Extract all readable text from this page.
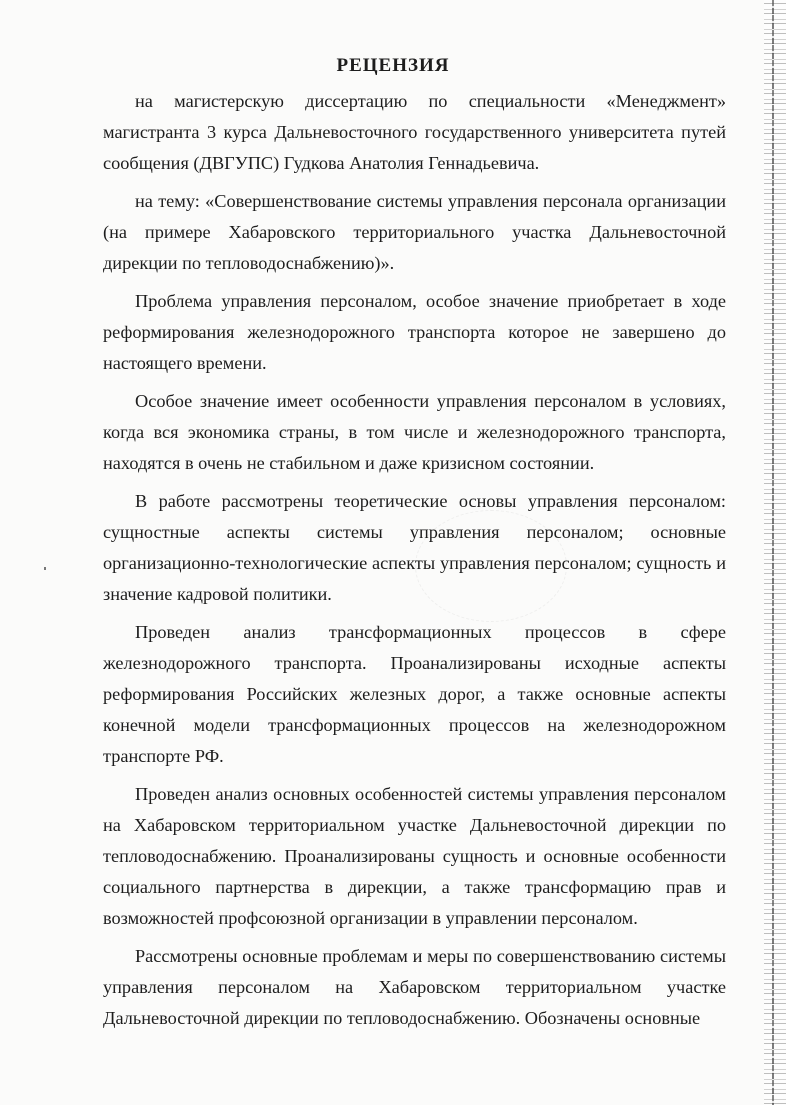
РЕЦЕНЗИЯ

на магистерскую диссертацию по специальности «Менеджмент» магистранта 3 курса Дальневосточного государственного университета путей сообщения (ДВГУПС) Гудкова Анатолия Геннадьевича.

на тему: «Совершенствование системы управления персонала организации (на примере Хабаровского территориального участка Дальневосточной дирекции по тепловодоснабжению)».

Проблема управления персоналом, особое значение приобретает в ходе реформирования железнодорожного транспорта которое не завершено до настоящего времени.

Особое значение имеет особенности управления персоналом в условиях, когда вся экономика страны, в том числе и железнодорожного транспорта, находятся в очень не стабильном и даже кризисном состоянии.

В работе рассмотрены теоретические основы управления персоналом: сущностные аспекты системы управления персоналом; основные организационно-технологические аспекты управления персоналом; сущность и значение кадровой политики.

Проведен анализ трансформационных процессов в сфере железнодорожного транспорта. Проанализированы исходные аспекты реформирования Российских железных дорог, а также основные аспекты конечной модели трансформационных процессов на железнодорожном транспорте РФ.

Проведен анализ основных особенностей системы управления персоналом на Хабаровском территориальном участке Дальневосточной дирекции по тепловодоснабжению. Проанализированы сущность и основные особенности социального партнерства в дирекции, а также трансформацию прав и возможностей профсоюзной организации в управлении персоналом.

Рассмотрены основные проблемам и меры по совершенствованию системы управления персоналом на Хабаровском территориальном участке Дальневосточной дирекции по тепловодоснабжению. Обозначены основные
